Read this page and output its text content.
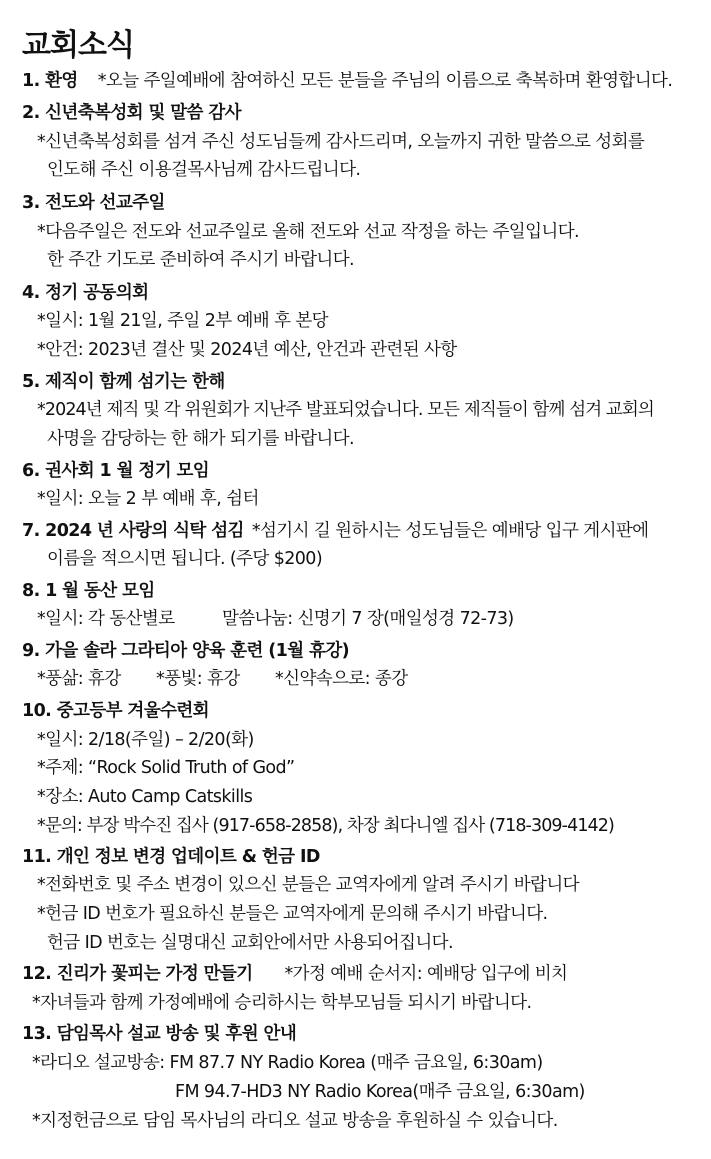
교회소식
1. 환영 *오늘 주일예배에 참여하신 모든 분들을 주님의 이름으로 축복하며 환영합니다.
2. 신년축복성회 및 말씀 감사
*신년축복성회를 섬겨 주신 성도님들께 감사드리며, 오늘까지 귀한 말씀으로 성회를
인도해 주신 이용걸목사님께 감사드립니다.
3. 전도와 선교주일
*다음주일은 전도와 선교주일로 올해 전도와 선교 작정을 하는 주일입니다.
한 주간 기도로 준비하여 주시기 바랍니다.
4. 정기 공동의회
*일시: 1월 21일, 주일 2부 예배 후 본당
*안건: 2023년 결산 및 2024년 예산, 안건과 관련된 사항
5. 제직이 함께 섬기는 한해
*2024년 제직 및 각 위원회가 지난주 발표되었습니다. 모든 제직들이 함께 섬겨 교회의
사명을 감당하는 한 해가 되기를 바랍니다.
6. 권사회 1 월 정기 모임
*일시: 오늘 2 부 예배 후, 쉼터
7. 2024 년 사랑의 식탁 섬김 *섬기시 길 원하시는 성도님들은 예배당 입구 게시판에
이름을 적으시면 됩니다. (주당 $200)
8. 1 월 동산 모임
*일시: 각 동산별로	말씀나눔: 신명기 7 장(매일성경 72-73)
9. 가을 솔라 그라티아 양육 훈련 (1월 휴강)
*풍삶: 휴강 *풍빛: 휴강 *신약속으로: 종강
10. 중고등부 겨울수련회
*일시: 2/18(주일) – 2/20(화)
*주제: “Rock Solid Truth of God”
*장소: Auto Camp Catskills
*문의: 부장 박수진 집사 (917-658-2858), 차장 최다니엘 집사 (718-309-4142)
11. 개인 정보 변경 업데이트 & 헌금 ID
*전화번호 및 주소 변경이 있으신 분들은 교역자에게 알려 주시기 바랍니다
*헌금 ID 번호가 필요하신 분들은 교역자에게 문의해 주시기 바랍니다.
헌금 ID 번호는 실명대신 교회안에서만 사용되어집니다.
12. 진리가 꽃피는 가정 만들기 *가정 예배 순서지: 예배당 입구에 비치
*자녀들과 함께 가정예배에 승리하시는 학부모님들 되시기 바랍니다.
13. 담임목사 설교 방송 및 후원 안내
*라디오 설교방송: FM 87.7 NY Radio Korea (매주 금요일, 6:30am)
FM 94.7-HD3 NY Radio Korea(매주 금요일, 6:30am)
*지정헌금으로 담임 목사님의 라디오 설교 방송을 후원하실 수 있습니다.
